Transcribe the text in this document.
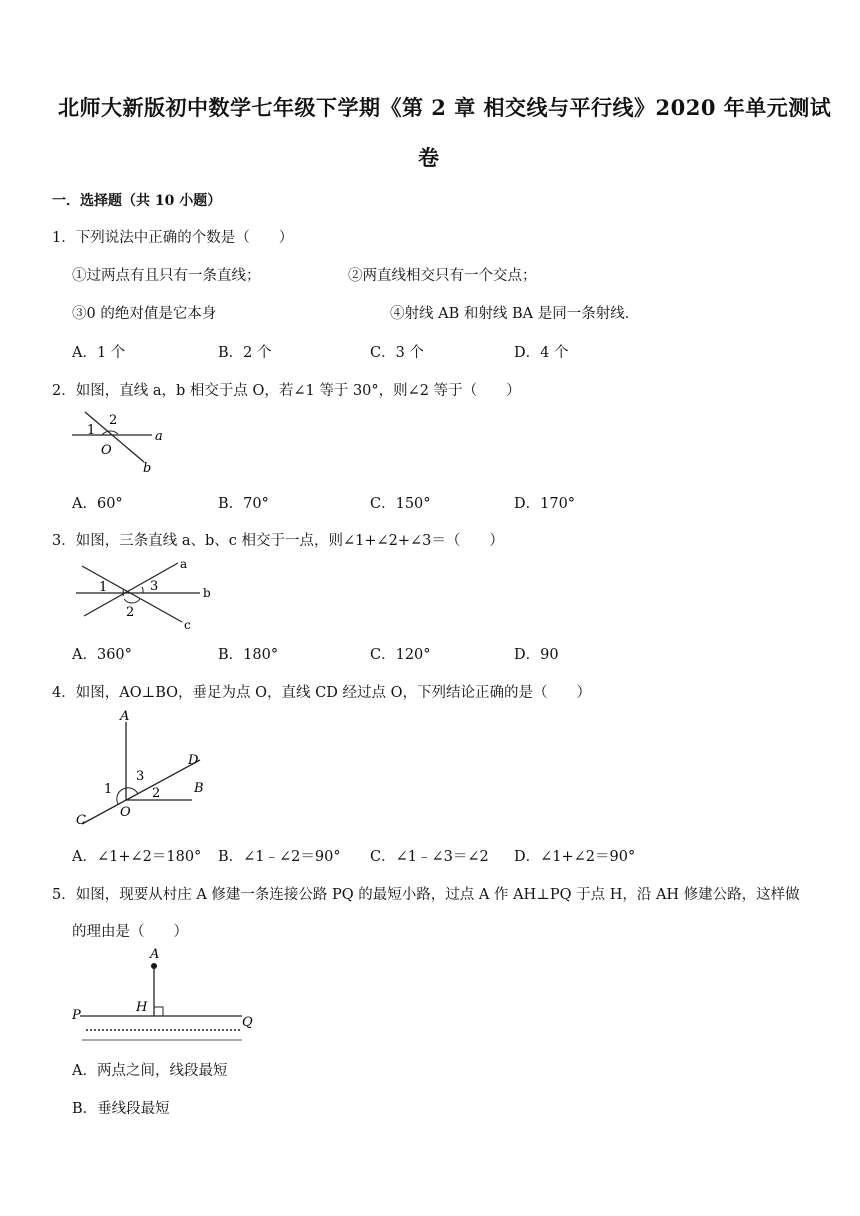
北师大新版初中数学七年级下学期《第 2 章 相交线与平行线》2020 年单元测试
卷
一．选择题（共 10 小题）
1．下列说法中正确的个数是（　　）
①过两点有且只有一条直线；	②两直线相交只有一个交点；
③0 的绝对值是它本身	④射线 AB 和射线 BA 是同一条射线．
A．1 个	B．2 个	C．3 个	D．4 个
2．如图，直线 a，b 相交于点 O，若∠1 等于 30°，则∠2 等于（　　）
1
2
O
a
b
A．60°	B．70°	C．150°	D．170°
3．如图，三条直线 a、b、c 相交于一点，则∠1+∠2+∠3＝（　　）
1
2
3
a
b
c
A．360°	B．180°	C．120°	D．90
4．如图，AO⊥BO，垂足为点 O，直线 CD 经过点 O，下列结论正确的是（　　）
A
B
C
D
O
1	2
3
A．∠1+∠2＝180° B．∠1﹣∠2＝90° C．∠1﹣∠3＝∠2 D．∠1+∠2＝90°
5．如图，现要从村庄 A 修建一条连接公路 PQ 的最短小路，过点 A 作 AH⊥PQ 于点 H，沿 AH 修建公路，这样做
的理由是（　　）
A
H
P	Q
A．两点之间，线段最短
B．垂线段最短
